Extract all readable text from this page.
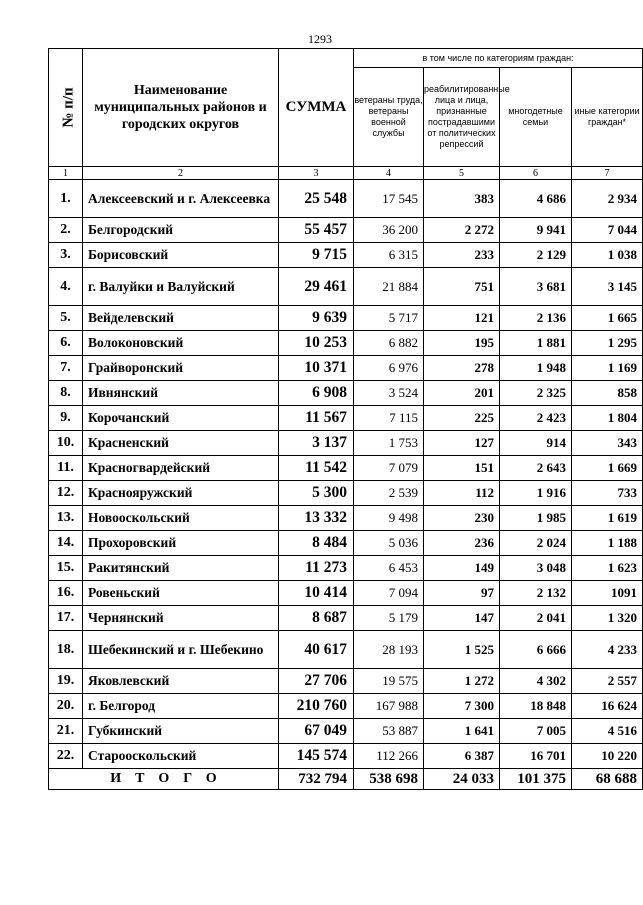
1293
№ п/п	Наименование муниципальных районов и городских округов	СУММА	в том числе по категориям граждан:			
			ветераны труда, ветераны военной службы	реабилитированные лица и лица, признанные пострадавшими от политических репрессий	многодетные семьи	иные категории граждан*
1	2	3	4	5	6	7
1.	Алексеевский и г. Алексеевка	25 548	17 545	383	4 686	2 934
2.	Белгородский	55 457	36 200	2 272	9 941	7 044
3.	Борисовский	9 715	6 315	233	2 129	1 038
4.	г. Валуйки и Валуйский	29 461	21 884	751	3 681	3 145
5.	Вейделевский	9 639	5 717	121	2 136	1 665
6.	Волоконовский	10 253	6 882	195	1 881	1 295
7.	Грайворонский	10 371	6 976	278	1 948	1 169
8.	Ивнянский	6 908	3 524	201	2 325	858
9.	Корочанский	11 567	7 115	225	2 423	1 804
10.	Красненский	3 137	1 753	127	914	343
11.	Красногвардейский	11 542	7 079	151	2 643	1 669
12.	Краснояружский	5 300	2 539	112	1 916	733
13.	Новооскольский	13 332	9 498	230	1 985	1 619
14.	Прохоровский	8 484	5 036	236	2 024	1 188
15.	Ракитянский	11 273	6 453	149	3 048	1 623
16.	Ровеньский	10 414	7 094	97	2 132	1091
17.	Чернянский	8 687	5 179	147	2 041	1 320
18.	Шебекинский и г. Шебекино	40 617	28 193	1 525	6 666	4 233
19.	Яковлевский	27 706	19 575	1 272	4 302	2 557
20.	г. Белгород	210 760	167 988	7 300	18 848	16 624
21.	Губкинский	67 049	53 887	1 641	7 005	4 516
22.	Старооскольский	145 574	112 266	6 387	16 701	10 220
ИТОГО		732 794	538 698	24 033	101 375	68 688
